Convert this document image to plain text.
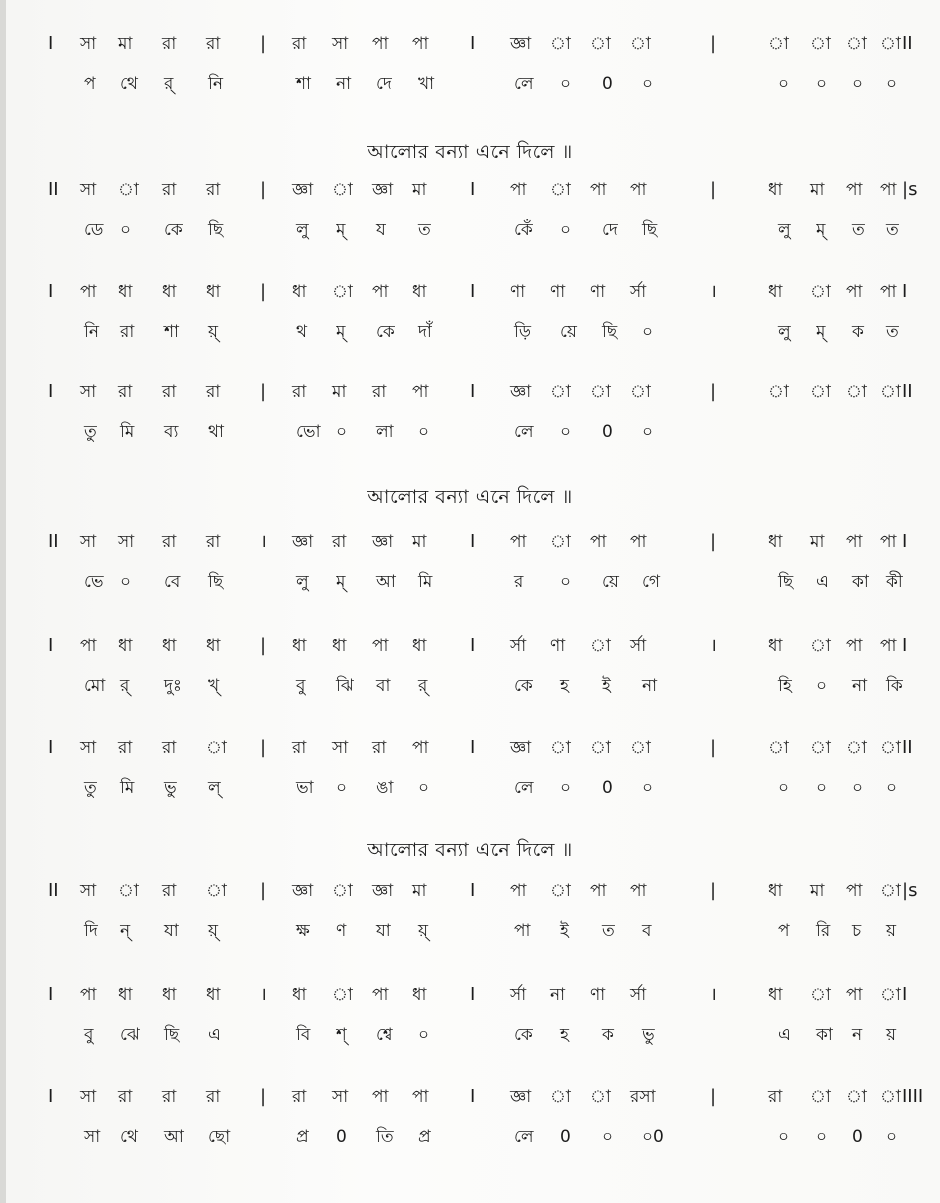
আলোর বন্যা এনে দিলে ॥
আলোর বন্যা এনে দিলে ॥
আলোর বন্যা এনে দিলে ॥
I সা মা রা রা | রা সা পা পা I জ্ঞা া া া	|	া া া া II
প থে র্ নি	শা না দে খা	লে ০ 0 ০	০ ০ ০ ০
II সা া রা রা | জ্ঞা া জ্ঞা মা I পা া পা পা	|	ধা মা পা পা |s
ডে ০ কে ছি	লু ম্ য ত	কেঁ ০ দে ছি	লু ম্ ত ত
I পা ধা ধা ধা | ধা া পা ধা I ণা ণা ণা র্সা	।	ধা া পা পা I
নি রা শা য়্	থ ম্ কে দাঁ	ড়ি য়ে ছি ০	লু ম্ ক ত
I সা রা রা রা | রা মা রা পা I জ্ঞা া া া	|	া া া া II
তু মি ব্য থা	ভো ০ লা ০	লে ০ 0 ০
II সা সা রা রা । জ্ঞা রা জ্ঞা মা I পা া পা পা	|	ধা মা পা পা I
ভে ০ বে ছি	লু ম্ আ মি	র ০ য়ে গে	ছি এ কা কী
I পা ধা ধা ধা | ধা ধা পা ধা I র্সা ণা া র্সা	।	ধা া পা পা I
মো র্ দুঃ খ্	বু ঝি বা র্	কে হ ই না	হি ০ না কি
I সা রা রা া | রা সা রা পা I জ্ঞা া া া	|	া া া া II
তু মি ভু ল্	ভা ০ ঙা ০	লে ০ 0 ০	০ ০ ০ ০
II সা া রা া | জ্ঞা া জ্ঞা মা I পা া পা পা	|	ধা মা পা া |s
দি ন্ যা য়্	ক্ষ ণ যা য়্	পা ই ত ব	প রি চ য়
I পা ধা ধা ধা । ধা া পা ধা I র্সা না ণা র্সা	।	ধা া পা া I
বু ঝে ছি এ	বি শ্ শ্বে ০	কে হ ক ভু	এ কা ন য়
I সা রা রা রা | রা সা পা পা I জ্ঞা া া রসা	|	রা া া া IIII
সা থে আ ছো	প্র 0 তি প্র	লে 0 ০ ০0	০ ০ 0 ০
